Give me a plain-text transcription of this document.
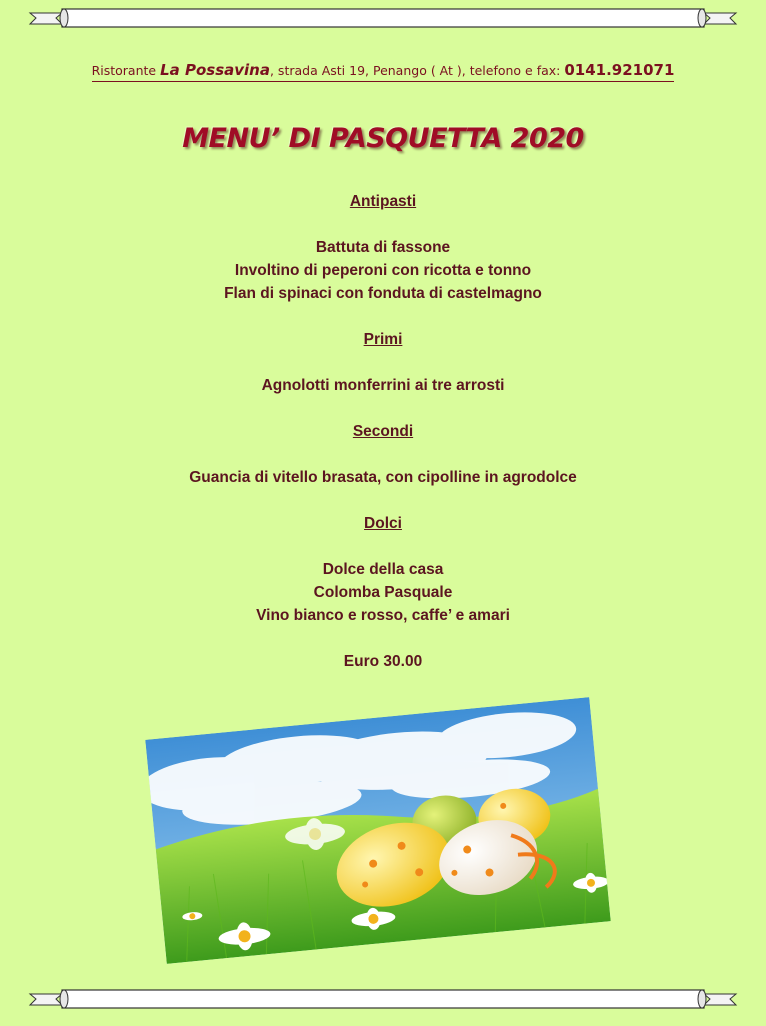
Ristorante La Possavina, strada Asti 19, Penango ( At ), telefono e fax: 0141.921071
MENU’ DI PASQUETTA 2020
Antipasti
Battuta di fassone
Involtino di peperoni con ricotta e tonno
Flan di spinaci con fonduta di castelmagno
Primi
Agnolotti monferrini ai tre arrosti
Secondi
Guancia di vitello brasata, con cipolline in agrodolce
Dolci
Dolce della casa
Colomba Pasquale
Vino bianco e rosso, caffe’ e amari
Euro 30.00
